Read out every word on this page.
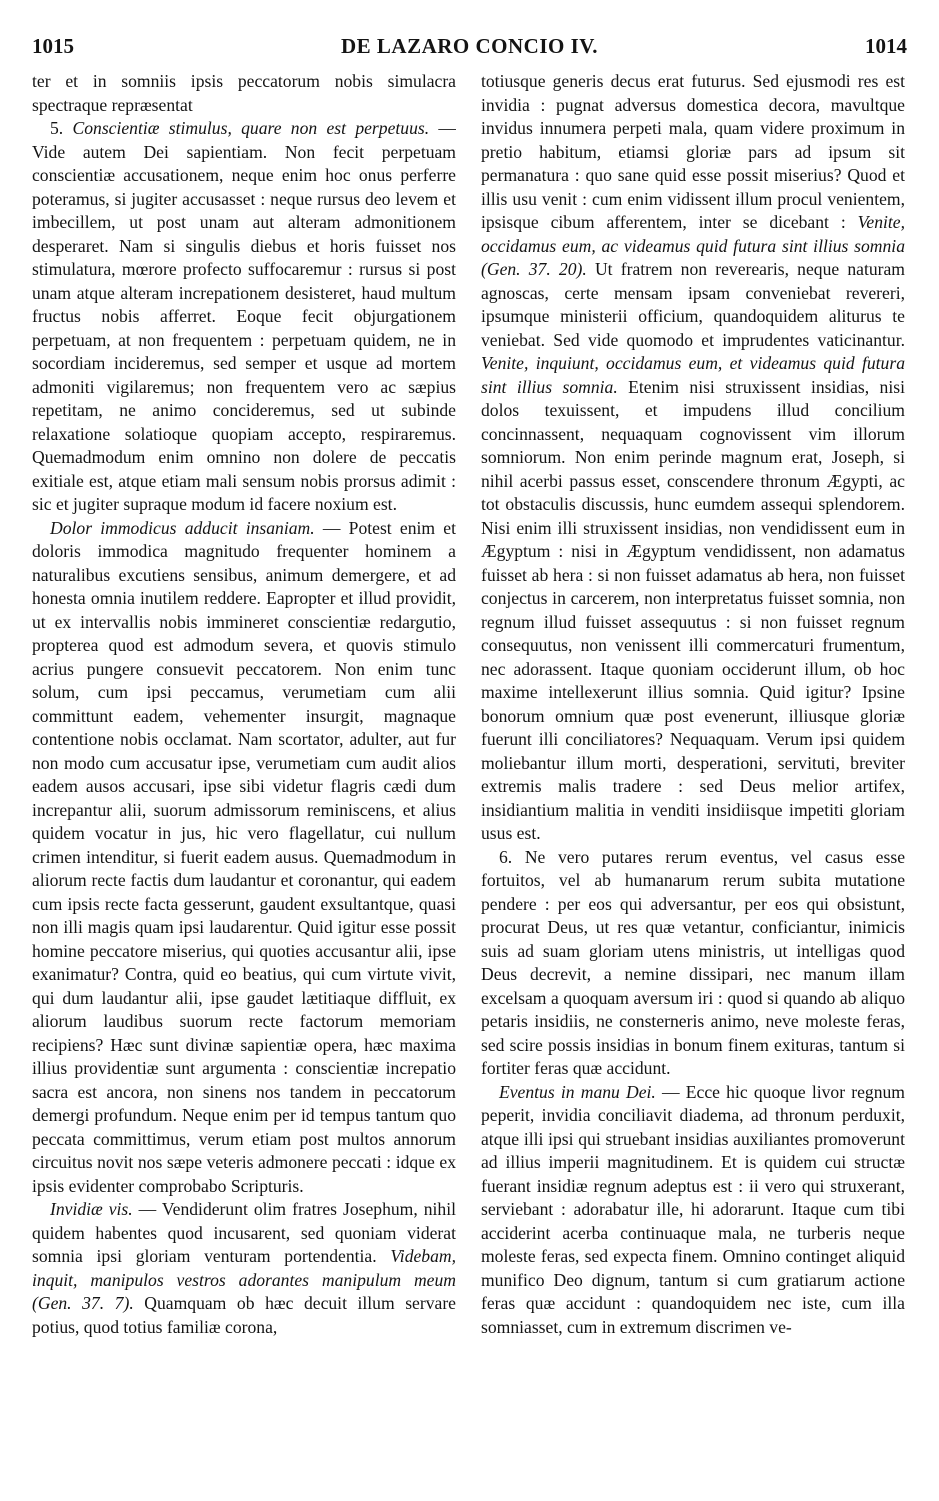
1015	DE LAZARO CONCIO IV.	1014

ter et in somniis ipsis peccatorum nobis simulacra spectraque repræsentat

5. Conscientiæ stimulus, quare non est perpetuus. — Vide autem Dei sapientiam. Non fecit perpetuam conscientiæ accusationem, neque enim hoc onus perferre poteramus, si jugiter accusasset : neque rursus deo levem et imbecillem, ut post unam aut alteram admonitionem desperaret. Nam si singulis diebus et horis fuisset nos stimulatura, mœrore profecto suffocaremur : rursus si post unam atque alteram increpationem desisteret, haud multum fructus nobis afferret. Eoque fecit objurgationem perpetuam, at non frequentem : perpetuam quidem, ne in socordiam incideremus, sed semper et usque ad mortem admoniti vigilaremus; non frequentem vero ac sæpius repetitam, ne animo concideremus, sed ut subinde relaxatione solatioque quopiam accepto, respiraremus. Quemadmodum enim omnino non dolere de peccatis exitiale est, atque etiam mali sensum nobis prorsus adimit : sic et jugiter supraque modum id facere noxium est.

Dolor immodicus adducit insaniam. — Potest enim et doloris immodica magnitudo frequenter hominem a naturalibus excutiens sensibus, animum demergere, et ad honesta omnia inutilem reddere. Eapropter et illud providit, ut ex intervallis nobis immineret conscientiæ redargutio, propterea quod est admodum severa, et quovis stimulo acrius pungere consuevit peccatorem. Non enim tunc solum, cum ipsi peccamus, verumetiam cum alii committunt eadem, vehementer insurgit, magnaque contentione nobis occlamat. Nam scortator, adulter, aut fur non modo cum accusatur ipse, verumetiam cum audit alios eadem ausos accusari, ipse sibi videtur flagris cædi dum increpantur alii, suorum admissorum reminiscens, et alius quidem vocatur in jus, hic vero flagellatur, cui nullum crimen intenditur, si fuerit eadem ausus. Quemadmodum in aliorum recte factis dum laudantur et coronantur, qui eadem cum ipsis recte facta gesserunt, gaudent exsultantque, quasi non illi magis quam ipsi laudarentur. Quid igitur esse possit homine peccatore miserius, qui quoties accusantur alii, ipse exanimatur? Contra, quid eo beatius, qui cum virtute vivit, qui dum laudantur alii, ipse gaudet lætitiaque diffluit, ex aliorum laudibus suorum recte factorum memoriam recipiens? Hæc sunt divinæ sapientiæ opera, hæc maxima illius providentiæ sunt argumenta : conscientiæ increpatio sacra est ancora, non sinens nos tandem in peccatorum demergi profundum. Neque enim per id tempus tantum quo peccata committimus, verum etiam post multos annorum circuitus novit nos sæpe veteris admonere peccati : idque ex ipsis evidenter comprobabo Scripturis.

Invidiæ vis. — Vendiderunt olim fratres Josephum, nihil quidem habentes quod incusarent, sed quoniam viderat somnia ipsi gloriam venturam portendentia. Videbam, inquit, manipulos vestros adorantes manipulum meum (Gen. 37. 7). Quamquam ob hæc decuit illum servare potius, quod totius familiæ corona,

totiusque generis decus erat futurus. Sed ejusmodi res est invidia : pugnat adversus domestica decora, mavultque invidus innumera perpeti mala, quam videre proximum in pretio habitum, etiamsi gloriæ pars ad ipsum sit permanatura : quo sane quid esse possit miserius? Quod et illis usu venit : cum enim vidissent illum procul venientem, ipsisque cibum afferentem, inter se dicebant : Venite, occidamus eum, ac videamus quid futura sint illius somnia (Gen. 37. 20). Ut fratrem non reverearis, neque naturam agnoscas, certe mensam ipsam conveniebat revereri, ipsumque ministerii officium, quandoquidem aliturus te veniebat. Sed vide quomodo et imprudentes vaticinantur. Venite, inquiunt, occidamus eum, et videamus quid futura sint illius somnia. Etenim nisi struxissent insidias, nisi dolos texuissent, et impudens illud concilium concinnassent, nequaquam cognovissent vim illorum somniorum. Non enim perinde magnum erat, Joseph, si nihil acerbi passus esset, conscendere thronum Ægypti, ac tot obstaculis discussis, hunc eumdem assequi splendorem. Nisi enim illi struxissent insidias, non vendidissent eum in Ægyptum : nisi in Ægyptum vendidissent, non adamatus fuisset ab hera : si non fuisset adamatus ab hera, non fuisset conjectus in carcerem, non interpretatus fuisset somnia, non regnum illud fuisset assequutus : si non fuisset regnum consequutus, non venissent illi commercaturi frumentum, nec adorassent. Itaque quoniam occiderunt illum, ob hoc maxime intellexerunt illius somnia. Quid igitur? Ipsine bonorum omnium quæ post evenerunt, illiusque gloriæ fuerunt illi conciliatores? Nequaquam. Verum ipsi quidem moliebantur illum morti, desperationi, servituti, breviter extremis malis tradere : sed Deus melior artifex, insidiantium malitia in venditi insidiisque impetiti gloriam usus est.

6. Ne vero putares rerum eventus, vel casus esse fortuitos, vel ab humanarum rerum subita mutatione pendere : per eos qui adversantur, per eos qui obsistunt, procurat Deus, ut res quæ vetantur, conficiantur, inimicis suis ad suam gloriam utens ministris, ut intelligas quod Deus decrevit, a nemine dissipari, nec manum illam excelsam a quoquam aversum iri : quod si quando ab aliquo petaris insidiis, ne consterneris animo, neve moleste feras, sed scire possis insidias in bonum finem exituras, tantum si fortiter feras quæ accidunt.

Eventus in manu Dei. — Ecce hic quoque livor regnum peperit, invidia conciliavit diadema, ad thronum perduxit, atque illi ipsi qui struebant insidias auxiliantes promoverunt ad illius imperii magnitudinem. Et is quidem cui structæ fuerant insidiæ regnum adeptus est : ii vero qui struxerant, serviebant : adorabatur ille, hi adorarunt. Itaque cum tibi acciderint acerba continuaque mala, ne turberis neque moleste feras, sed expecta finem. Omnino continget aliquid munifico Deo dignum, tantum si cum gratiarum actione feras quæ accidunt : quandoquidem nec iste, cum illa somniasset, cum in extremum discrimen ve-
